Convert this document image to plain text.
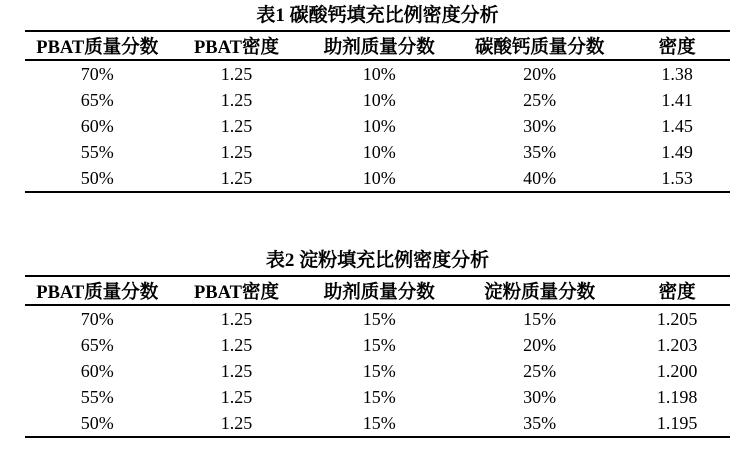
表1 碳酸钙填充比例密度分析
PBAT质量分数	PBAT密度	助剂质量分数	碳酸钙质量分数	密度
70%	1.25	10%	20%	1.38
65%	1.25	10%	25%	1.41
60%	1.25	10%	30%	1.45
55%	1.25	10%	35%	1.49
50%	1.25	10%	40%	1.53
表2 淀粉填充比例密度分析
PBAT质量分数	PBAT密度	助剂质量分数	淀粉质量分数	密度
70%	1.25	15%	15%	1.205
65%	1.25	15%	20%	1.203
60%	1.25	15%	25%	1.200
55%	1.25	15%	30%	1.198
50%	1.25	15%	35%	1.195
